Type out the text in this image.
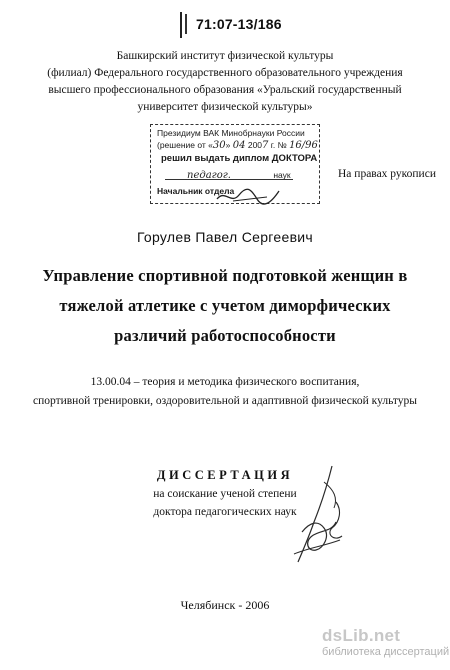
71:07-13/186
Башкирский институт физической культуры
(филиал) Федерального государственного образовательного учреждения
высшего профессионального образования «Уральский государственный
университет физической культуры»
Президиум ВАК Минобрнауки России
(решение от «30» 04 2007 г. № 16/96
решил выдать диплом ДОКТОРА
педагог.	наук
Начальник отдела
На правах рукописи
Горулев Павел Сергеевич
Управление спортивной подготовкой женщин в
тяжелой атлетике с учетом диморфических
различий работоспособности
13.00.04 – теория и методика физического воспитания,
спортивной тренировки, оздоровительной и адаптивной физической культуры
ДИССЕРТАЦИЯ
на соискание ученой степени
доктора педагогических наук
Челябинск - 2006
dsLib.net
библиотека диссертаций
